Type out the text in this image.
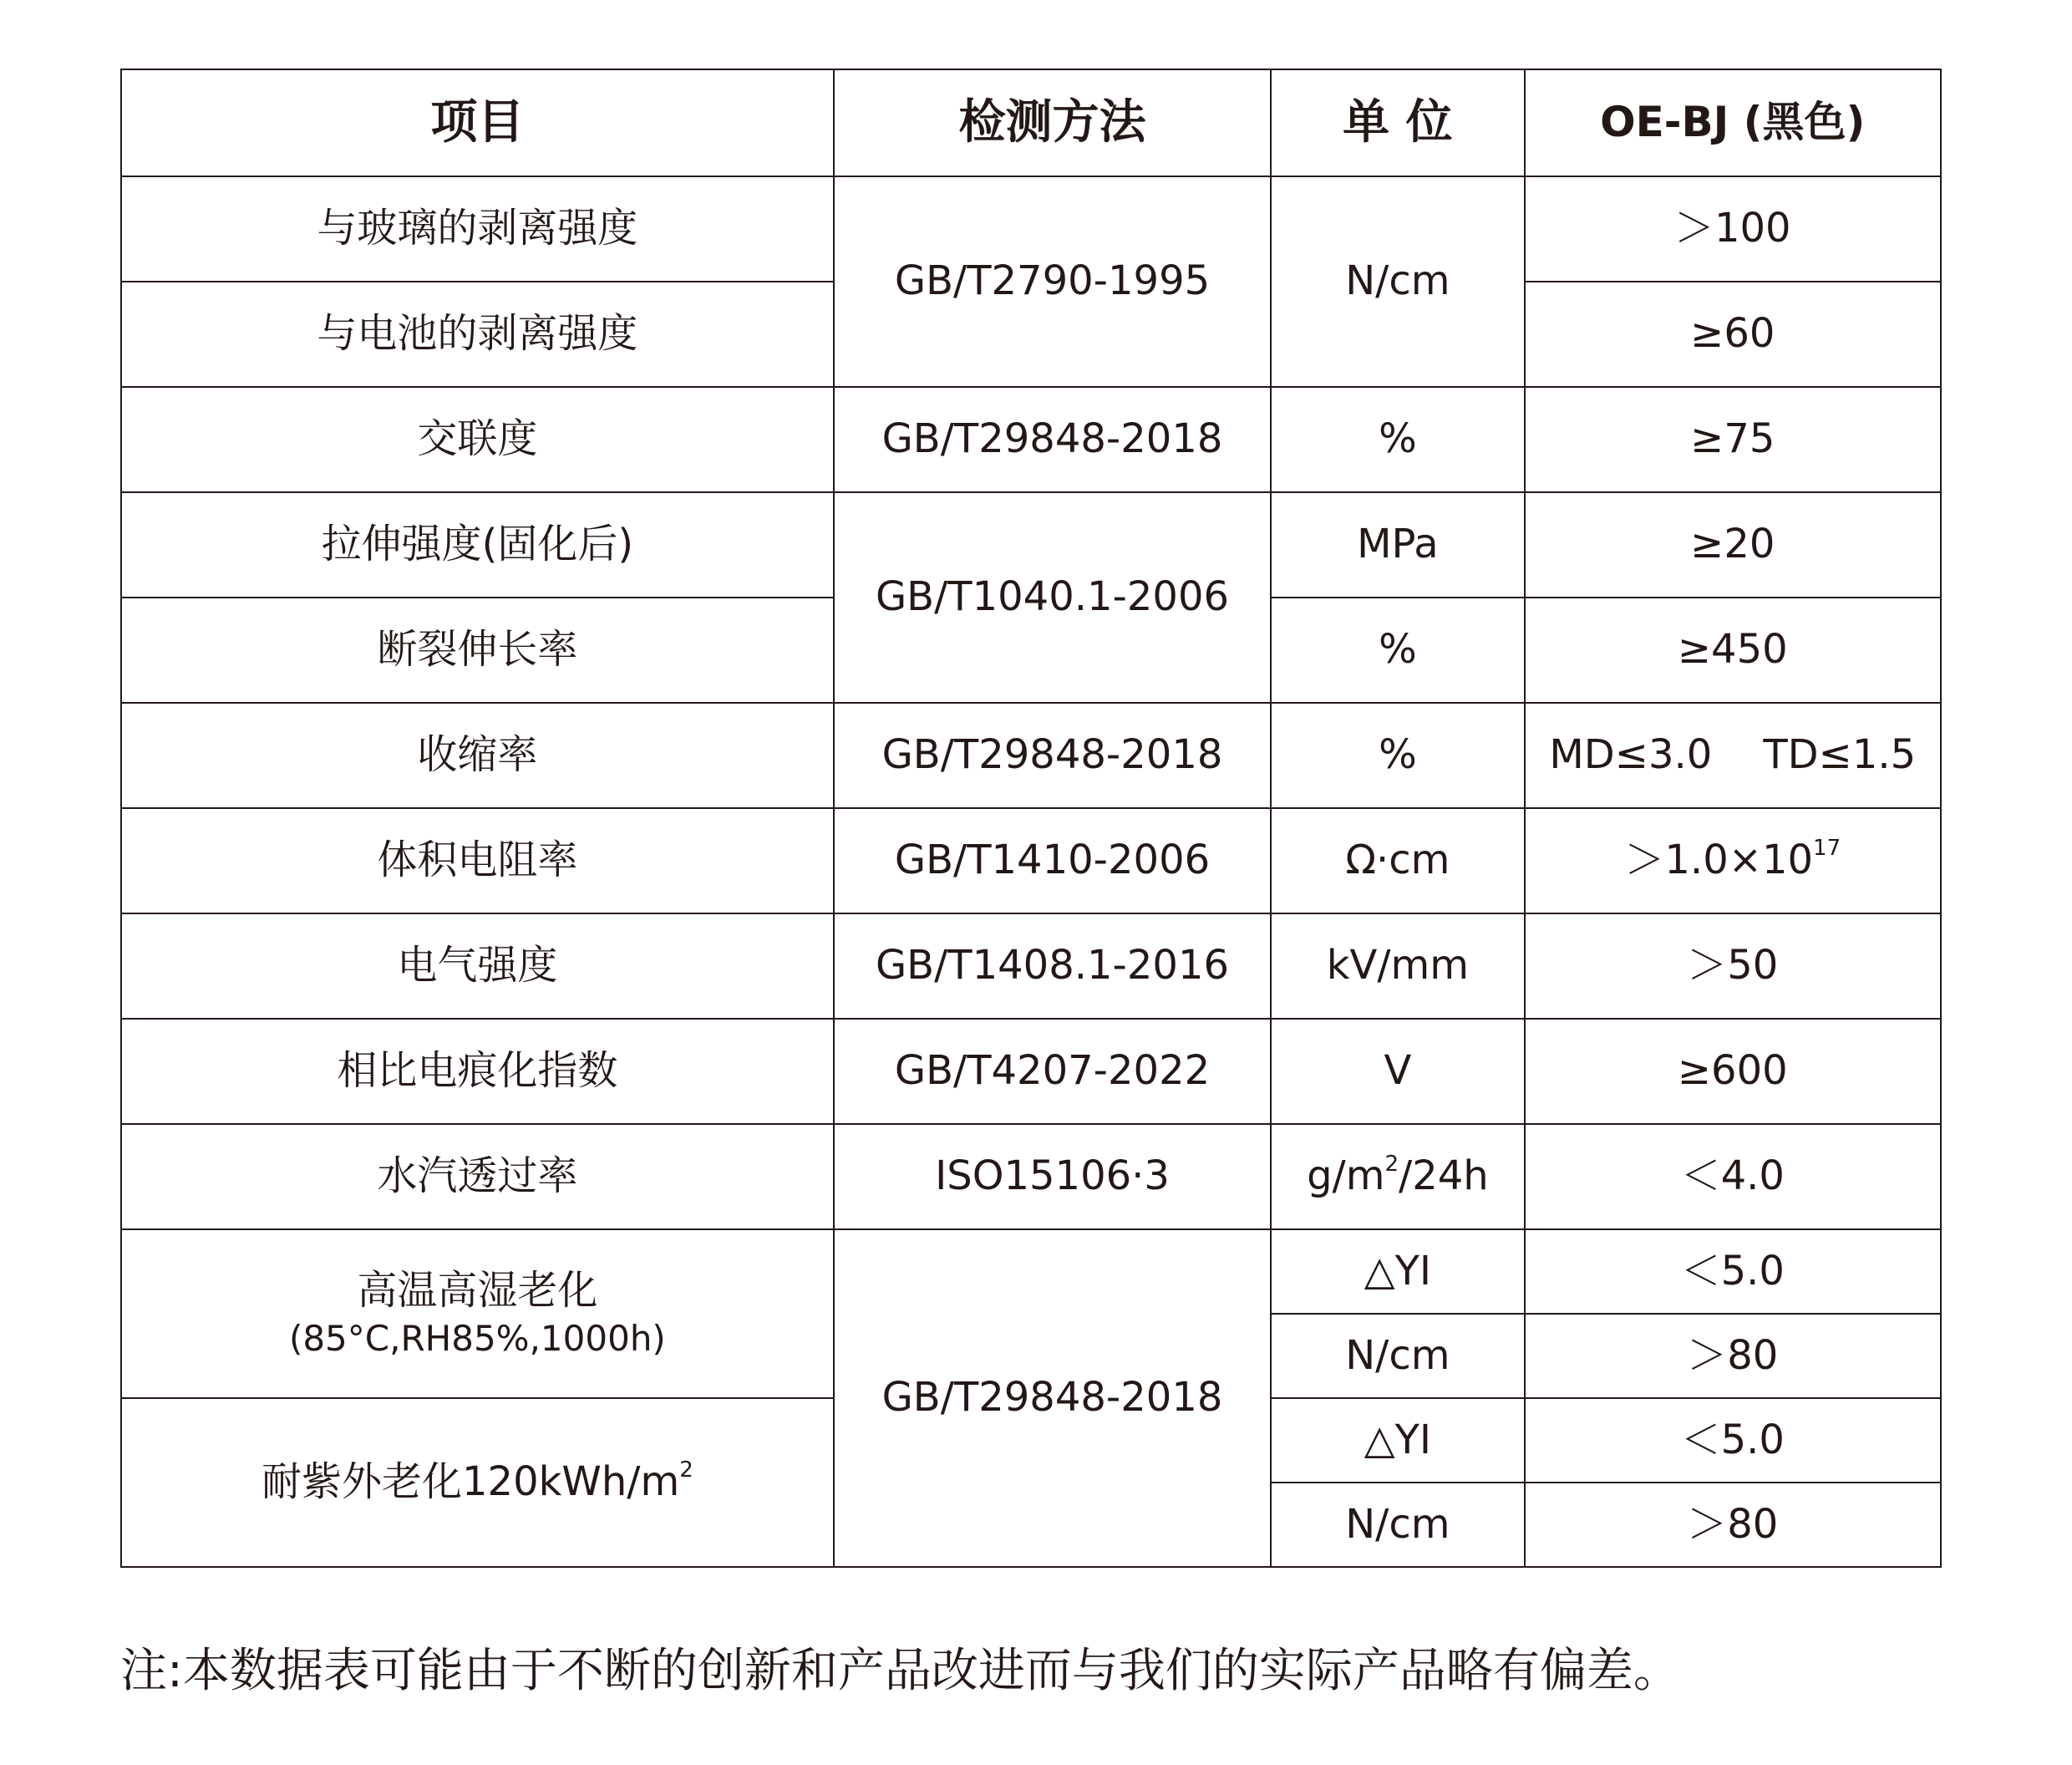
项目	检测方法	单 位	OE-BJ (黑色)
与玻璃的剥离强度	GB/T2790-1995	N/cm	＞100
与电池的剥离强度			≥60
交联度	GB/T29848-2018	%	≥75
拉伸强度(固化后)	GB/T1040.1-2006	MPa	≥20
断裂伸长率		%	≥450
收缩率	GB/T29848-2018	%	MD≤3.0    TD≤1.5
体积电阻率	GB/T1410-2006	Ω·cm	$>1.0\times 10^{17}$
电气强度	GB/T1408.1-2016	kV/mm	＞50
相比电痕化指数	GB/T4207-2022	V	≥600
水汽透过率	ISO15106·3	$g/m^2/24h$	＜4.0
高温高湿老化
(85°C,RH85%,1000h)	GB/T29848-2018	△YI	＜5.0
		N/cm	＞80
耐紫外老化$120kWh/m^2$		△YI	＜5.0
		N/cm	＞80
注:本数据表可能由于不断的创新和产品改进而与我们的实际产品略有偏差。
